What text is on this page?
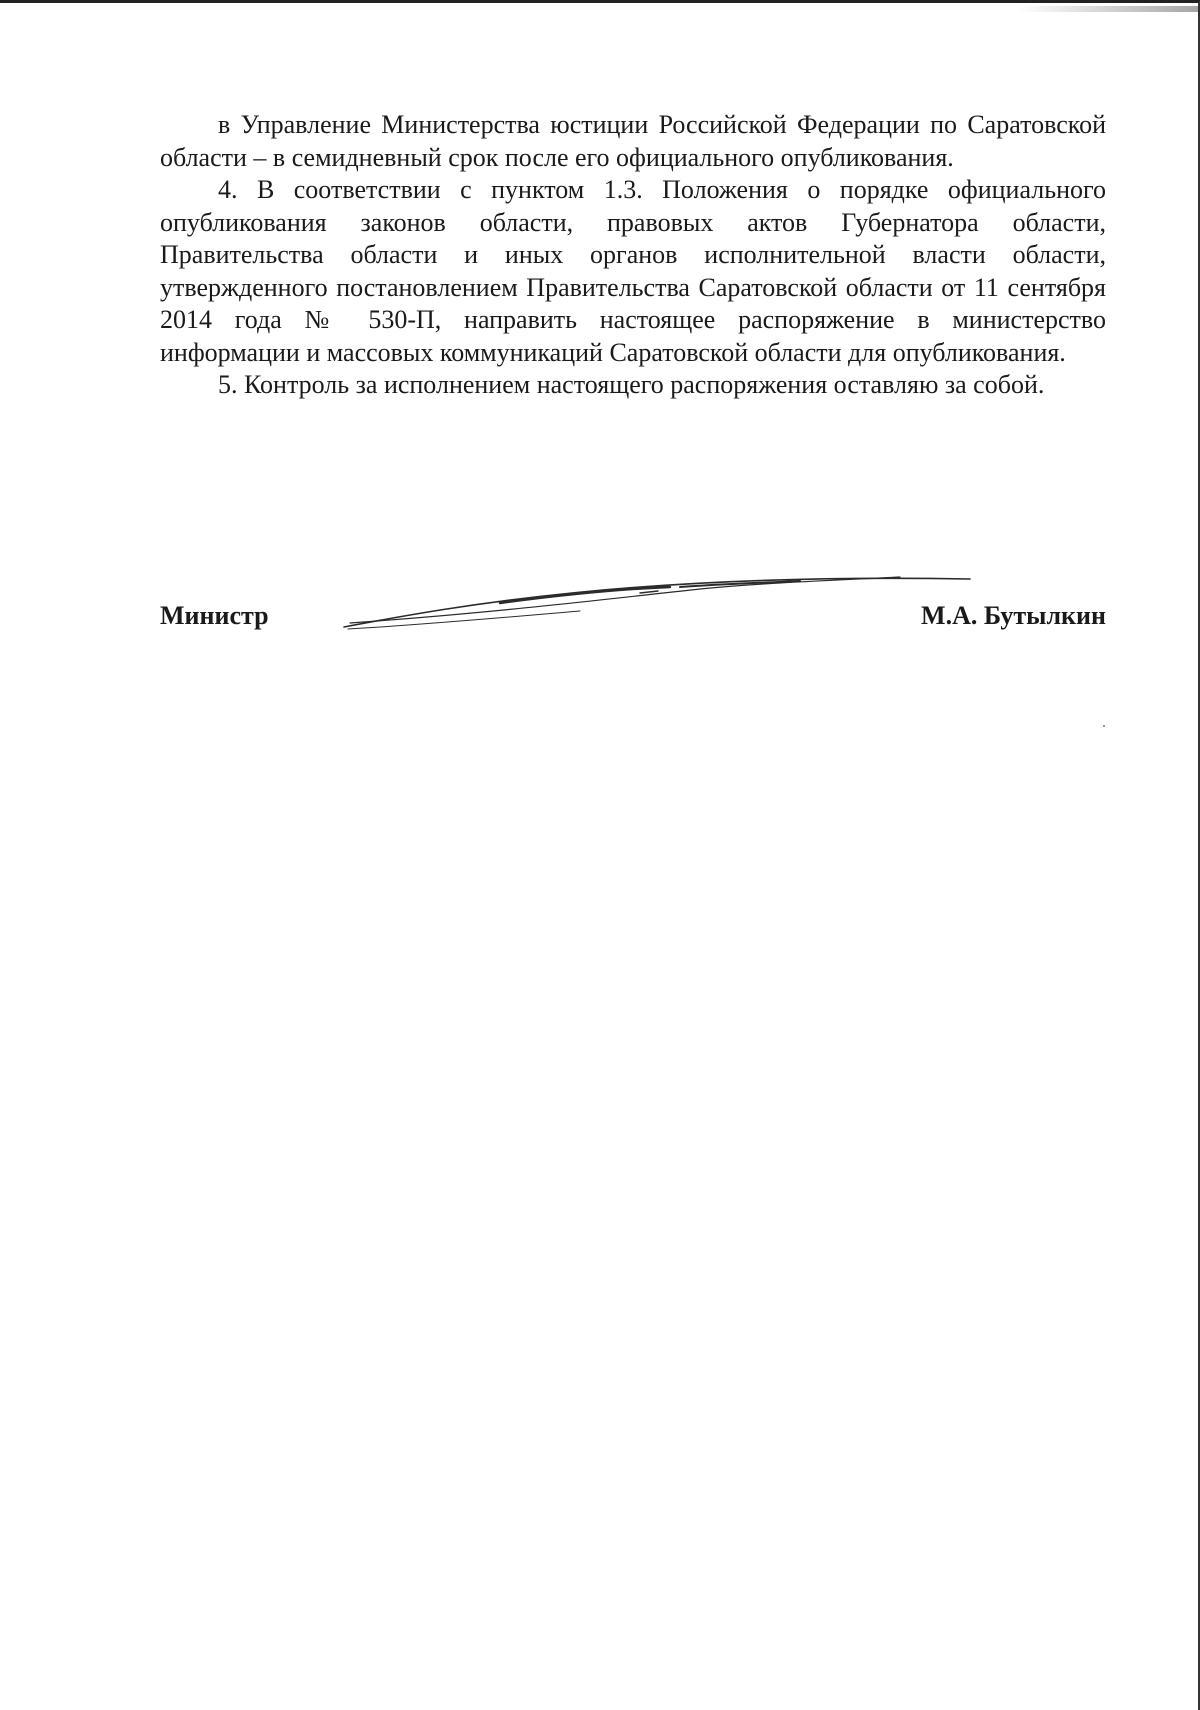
в Управление Министерства юстиции Российской Федерации по Саратовской области – в семидневный срок после его официального опубликования.

4. В соответствии с пунктом 1.3. Положения о порядке официального опубликования законов области, правовых актов Губернатора области, Правительства области и иных органов исполнительной власти области, утвержденного постановлением Правительства Саратовской области от 11 сентября 2014 года № 530-П, направить настоящее распоряжение в министерство информации и массовых коммуникаций Саратовской области для опубликования.

5. Контроль за исполнением настоящего распоряжения оставляю за собой.

Министр	М.А. Бутылкин
